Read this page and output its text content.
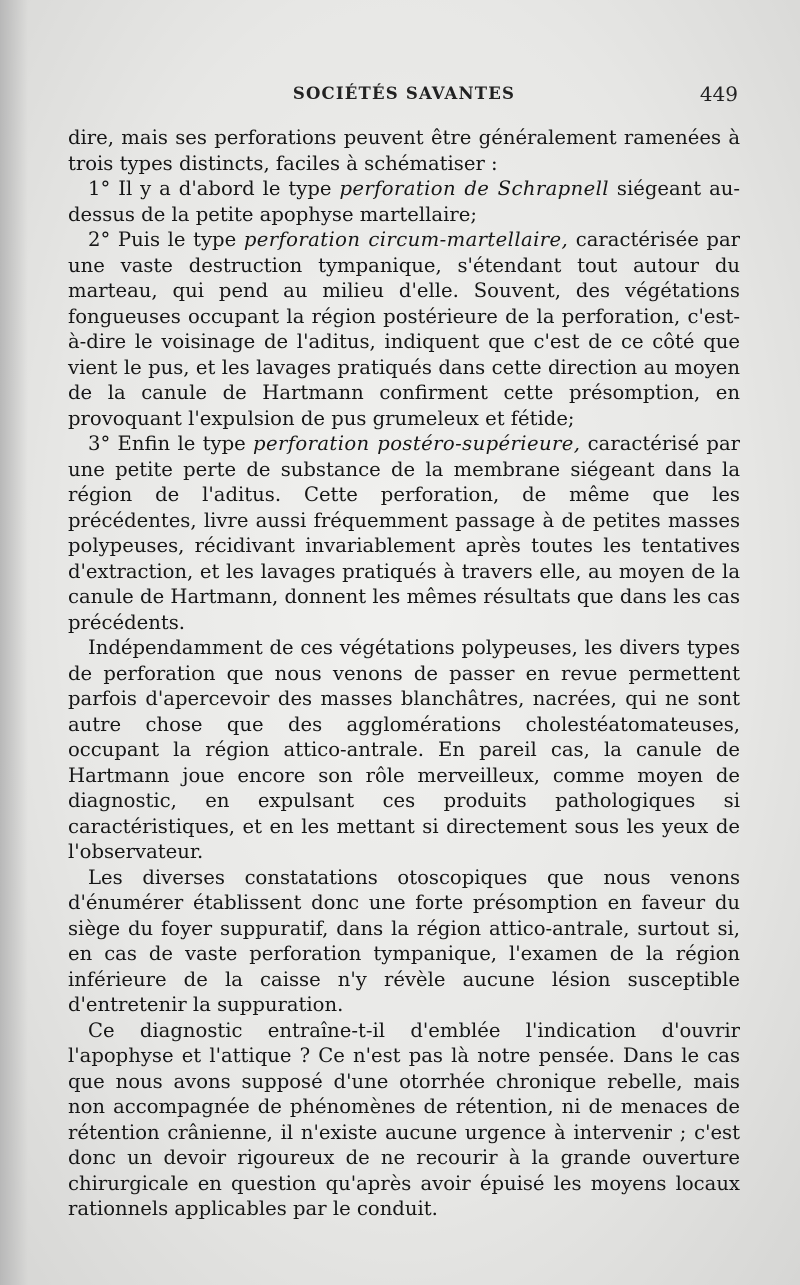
SOCIÉTÉS SAVANTES	449

dire, mais ses perforations peuvent être généralement ramenées à trois types distincts, faciles à schématiser :

1° Il y a d'abord le type perforation de Schrapnell siégeant au-dessus de la petite apophyse martellaire;

2° Puis le type perforation circum-martellaire, caractérisée par une vaste destruction tympanique, s'étendant tout autour du marteau, qui pend au milieu d'elle. Souvent, des végétations fongueuses occupant la région postérieure de la perforation, c'est-à-dire le voisinage de l'aditus, indiquent que c'est de ce côté que vient le pus, et les lavages pratiqués dans cette direction au moyen de la canule de Hartmann confirment cette présomption, en provoquant l'expulsion de pus grumeleux et fétide;

3° Enfin le type perforation postéro-supérieure, caractérisé par une petite perte de substance de la membrane siégeant dans la région de l'aditus. Cette perforation, de même que les précédentes, livre aussi fréquemment passage à de petites masses polypeuses, récidivant invariablement après toutes les tentatives d'extraction, et les lavages pratiqués à travers elle, au moyen de la canule de Hartmann, donnent les mêmes résultats que dans les cas précédents.

Indépendamment de ces végétations polypeuses, les divers types de perforation que nous venons de passer en revue permettent parfois d'apercevoir des masses blanchâtres, nacrées, qui ne sont autre chose que des agglomérations cholestéatomateuses, occupant la région attico-antrale. En pareil cas, la canule de Hartmann joue encore son rôle merveilleux, comme moyen de diagnostic, en expulsant ces produits pathologiques si caractéristiques, et en les mettant si directement sous les yeux de l'observateur.

Les diverses constatations otoscopiques que nous venons d'énumérer établissent donc une forte présomption en faveur du siège du foyer suppuratif, dans la région attico-antrale, surtout si, en cas de vaste perforation tympanique, l'examen de la région inférieure de la caisse n'y révèle aucune lésion susceptible d'entretenir la suppuration.

Ce diagnostic entraîne-t-il d'emblée l'indication d'ouvrir l'apophyse et l'attique ? Ce n'est pas là notre pensée. Dans le cas que nous avons supposé d'une otorrhée chronique rebelle, mais non accompagnée de phénomènes de rétention, ni de menaces de rétention crânienne, il n'existe aucune urgence à intervenir ; c'est donc un devoir rigoureux de ne recourir à la grande ouverture chirurgicale en question qu'après avoir épuisé les moyens locaux rationnels applicables par le conduit.
